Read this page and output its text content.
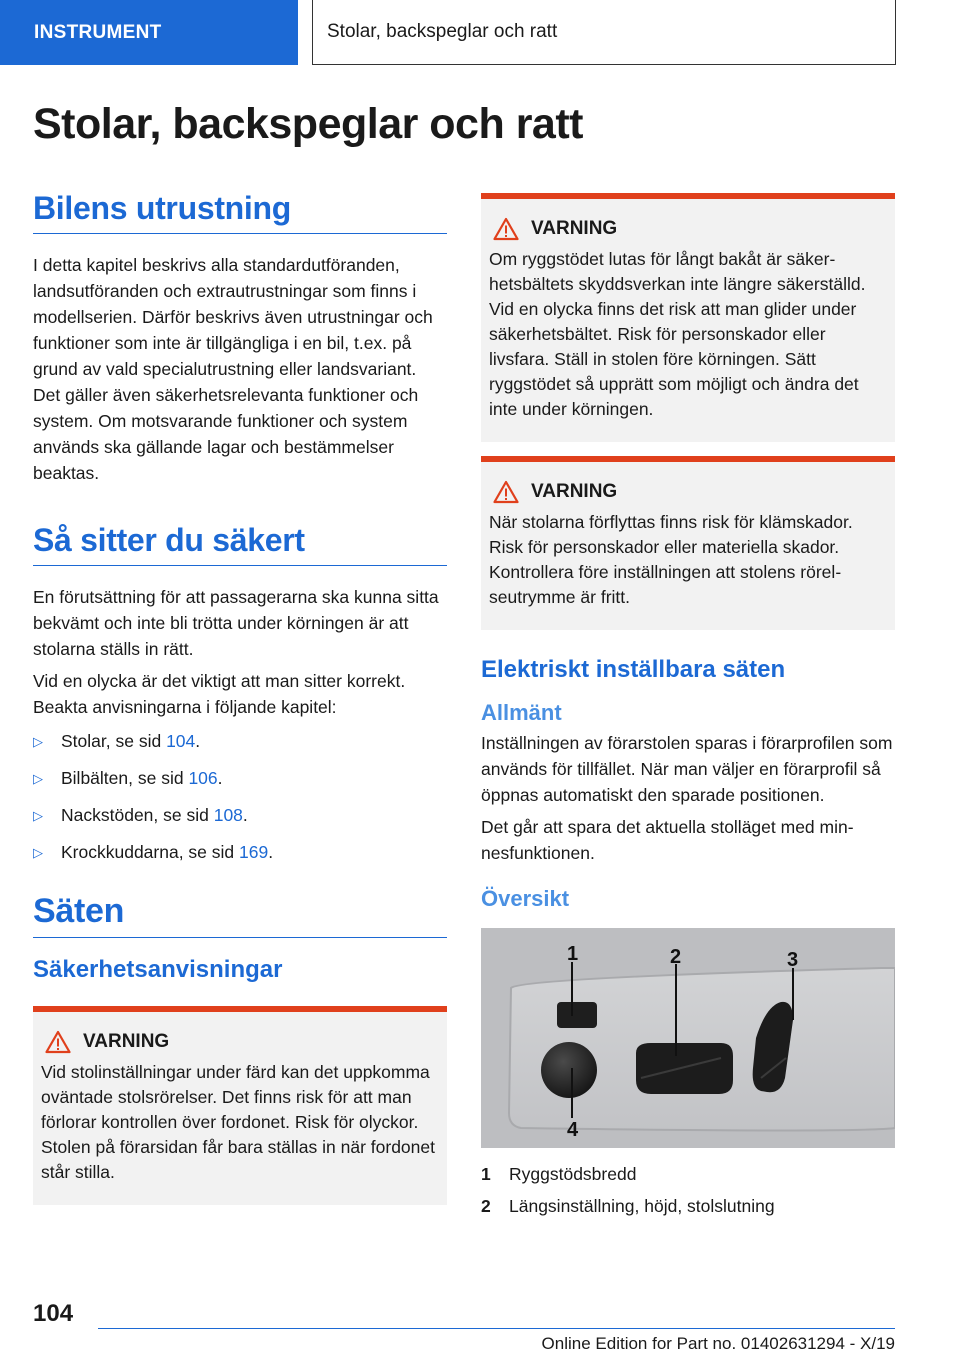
INSTRUMENT	Stolar, backspeglar och ratt
Stolar, backspeglar och ratt
Bilens utrustning

I detta kapitel beskrivs alla standardutföranden, landsutföranden och extrautrustningar som finns i modellserien. Därför beskrivs även utrustningar och funktioner som inte är tillgängliga i en bil, t.ex. på grund av vald specialutrustning eller landsvariant. Det gäller även säkerhetsrelevanta funktioner och system. Om motsvarande funktioner och system används ska gällande lagar och bestämmelser beaktas.

Så sitter du säkert

En förutsättning för att passagerarna ska kunna sitta bekvämt och inte bli trötta under körningen är att stolarna ställs in rätt.

Vid en olycka är det viktigt att man sitter korrekt. Beakta anvisningarna i följande kapitel:

▷	Stolar, se sid 104.
▷	Bilbälten, se sid 106.
▷	Nackstöden, se sid 108.
▷	Krockkuddarna, se sid 169.
Säten
Säkerhetsanvisningar
VARNING

Vid stolinställningar under färd kan det uppkomma oväntade stolsrörelser. Det finns risk för att man förlorar kontrollen över fordonet. Risk för olyckor. Stolen på förarsidan får bara ställas in när fordonet står stilla.

VARNING

Om ryggstödet lutas för långt bakåt är säkerhetsbältets skyddsverkan inte längre säkerställd. Vid en olycka finns det risk att man glider under säkerhetsbältet. Risk för personskador eller livsfara. Ställ in stolen före körningen. Sätt ryggstödet så upprätt som möjligt och ändra det inte under körningen.

VARNING

När stolarna förflyttas finns risk för klämskador. Risk för personskador eller materiella skador. Kontrollera före inställningen att stolens rörelseutrymme är fritt.

Elektriskt inställbara säten
Allmänt

Inställningen av förarstolen sparas i förarprofilen som används för tillfället. När man väljer en förarprofil så öppnas automatiskt den sparade positionen.

Det går att spara det aktuella stolläget med minnesfunktionen.

Översikt
1	2	3
4
1	Ryggstödsbredd
2	Längsinställning, höjd, stolslutning
104
Online Edition for Part no. 01402631294 - X/19
